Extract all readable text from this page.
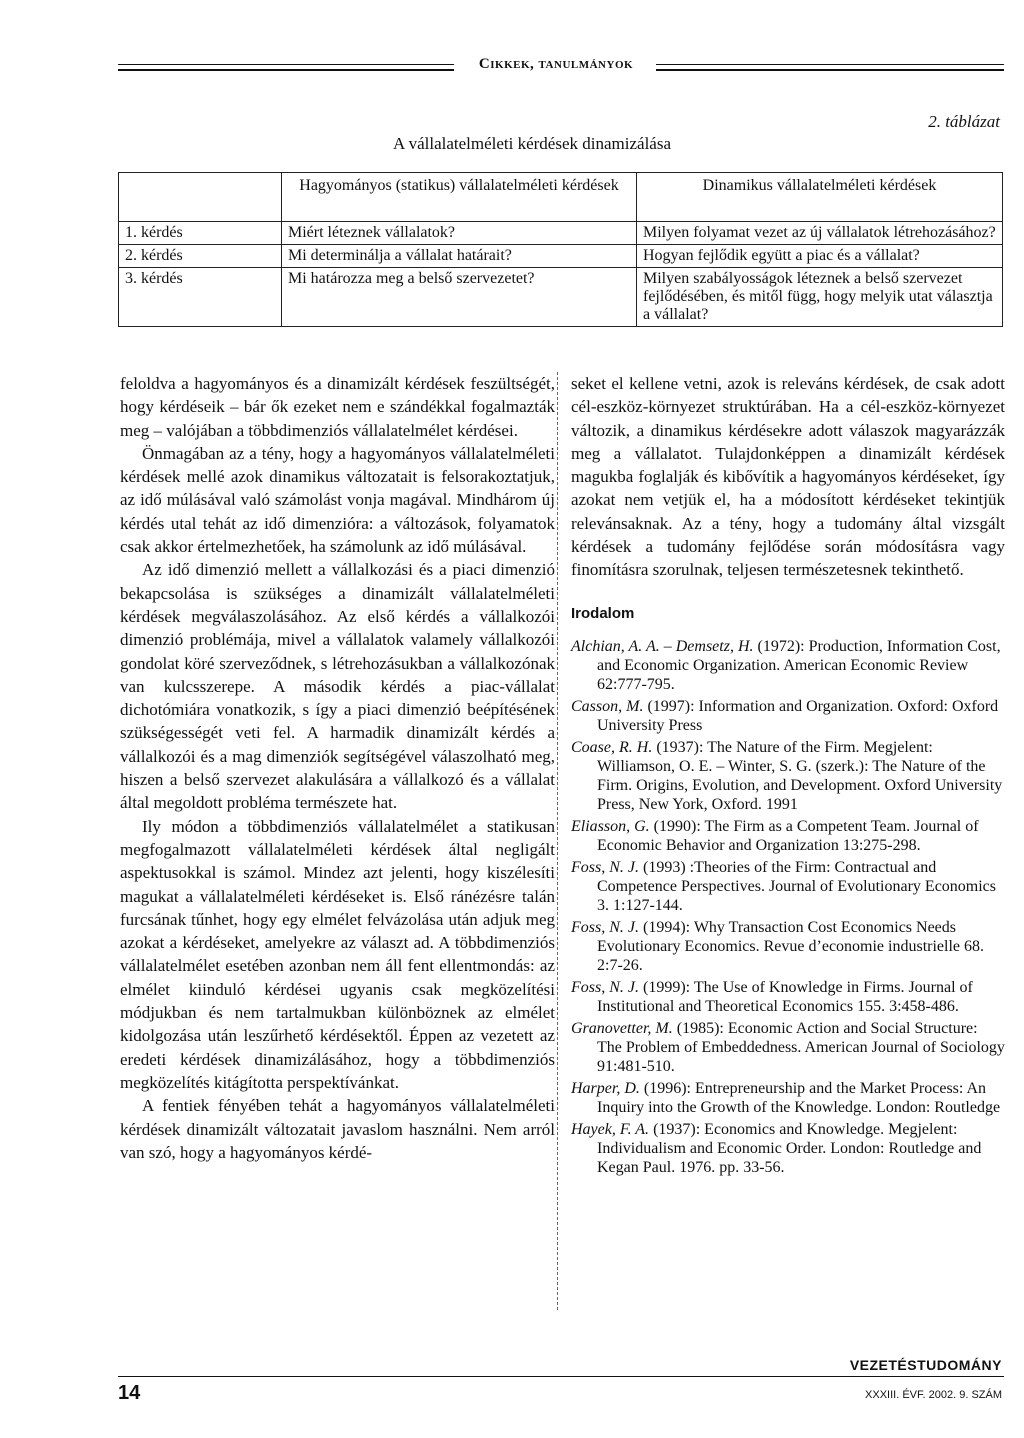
Cikkek, tanulmányok
2. táblázat
A vállalatelméleti kérdések dinamizálása
	Hagyományos (statikus) vállalatelméleti kérdések	Dinamikus vállalatelméleti kérdések
1. kérdés	Miért léteznek vállalatok?	Milyen folyamat vezet az új vállalatok létrehozásához?
2. kérdés	Mi determinálja a vállalat határait?	Hogyan fejlődik együtt a piac és a vállalat?
3. kérdés	Mi határozza meg a belső szervezetet?	Milyen szabályosságok léteznek a belső szervezet fejlődésében, és mitől függ, hogy melyik utat választja a vállalat?

feloldva a hagyományos és a dinamizált kérdések feszültségét, hogy kérdéseik – bár ők ezeket nem e szándékkal fogalmazták meg – valójában a többdimenziós vállalatelmélet kérdései.

Önmagában az a tény, hogy a hagyományos vállalatelméleti kérdések mellé azok dinamikus változatait is felsorakoztatjuk, az idő múlásával való számolást vonja magával. Mindhárom új kérdés utal tehát az idő dimenzióra: a változások, folyamatok csak akkor értelmezhetőek, ha számolunk az idő múlásával.

Az idő dimenzió mellett a vállalkozási és a piaci dimenzió bekapcsolása is szükséges a dinamizált vállalatelméleti kérdések megválaszolásához. Az első kérdés a vállalkozói dimenzió problémája, mivel a vállalatok valamely vállalkozói gondolat köré szerveződnek, s létrehozásukban a vállalkozónak van kulcsszerepe. A második kérdés a piac-vállalat dichotómiára vonatkozik, s így a piaci dimenzió beépítésének szükségességét veti fel. A harmadik dinamizált kérdés a vállalkozói és a mag dimenziók segítségével válaszolható meg, hiszen a belső szervezet alakulására a vállalkozó és a vállalat által megoldott probléma természete hat.

Ily módon a többdimenziós vállalatelmélet a statikusan megfogalmazott vállalatelméleti kérdések által negligált aspektusokkal is számol. Mindez azt jelenti, hogy kiszélesíti magukat a vállalatelméleti kérdéseket is. Első ránézésre talán furcsának tűnhet, hogy egy elmélet felvázolása után adjuk meg azokat a kérdéseket, amelyekre az választ ad. A többdimenziós vállalatelmélet esetében azonban nem áll fent ellentmondás: az elmélet kiinduló kérdései ugyanis csak megközelítési módjukban és nem tartalmukban különböznek az elmélet kidolgozása után leszűrhető kérdésektől. Éppen az vezetett az eredeti kérdések dinamizálásához, hogy a többdimenziós megközelítés kitágította perspektívánkat.

A fentiek fényében tehát a hagyományos vállalatelméleti kérdések dinamizált változatait javaslom használni. Nem arról van szó, hogy a hagyományos kérdé-

seket el kellene vetni, azok is releváns kérdések, de csak adott cél-eszköz-környezet struktúrában. Ha a cél-eszköz-környezet változik, a dinamikus kérdésekre adott válaszok magyarázzák meg a vállalatot. Tulajdonképpen a dinamizált kérdések magukba foglalják és kibővítik a hagyományos kérdéseket, így azokat nem vetjük el, ha a módosított kérdéseket tekintjük relevánsaknak. Az a tény, hogy a tudomány által vizsgált kérdések a tudomány fejlődése során módosításra vagy finomításra szorulnak, teljesen természetesnek tekinthető.

Irodalom
Alchian, A. A. – Demsetz, H. (1972): Production, Information Cost, and Economic Organization. American Economic Review 62:777-795.
Casson, M. (1997): Information and Organization. Oxford: Oxford University Press
Coase, R. H. (1937): The Nature of the Firm. Megjelent: Williamson, O. E. – Winter, S. G. (szerk.): The Nature of the Firm. Origins, Evolution, and Development. Oxford University Press, New York, Oxford. 1991
Eliasson, G. (1990): The Firm as a Competent Team. Journal of Economic Behavior and Organization 13:275-298.
Foss, N. J. (1993) :Theories of the Firm: Contractual and Competence Perspectives. Journal of Evolutionary Economics 3. 1:127-144.
Foss, N. J. (1994): Why Transaction Cost Economics Needs Evolutionary Economics. Revue d’economie industrielle 68. 2:7-26.
Foss, N. J. (1999): The Use of Knowledge in Firms. Journal of Institutional and Theoretical Economics 155. 3:458-486.
Granovetter, M. (1985): Economic Action and Social Structure: The Problem of Embeddedness. American Journal of Sociology 91:481-510.
Harper, D. (1996): Entrepreneurship and the Market Process: An Inquiry into the Growth of the Knowledge. London: Routledge
Hayek, F. A. (1937): Economics and Knowledge. Megjelent: Individualism and Economic Order. London: Routledge and Kegan Paul. 1976. pp. 33-56.
VEZETÉSTUDOMÁNY
14	XXXIII. ÉVF. 2002. 9. SZÁM
